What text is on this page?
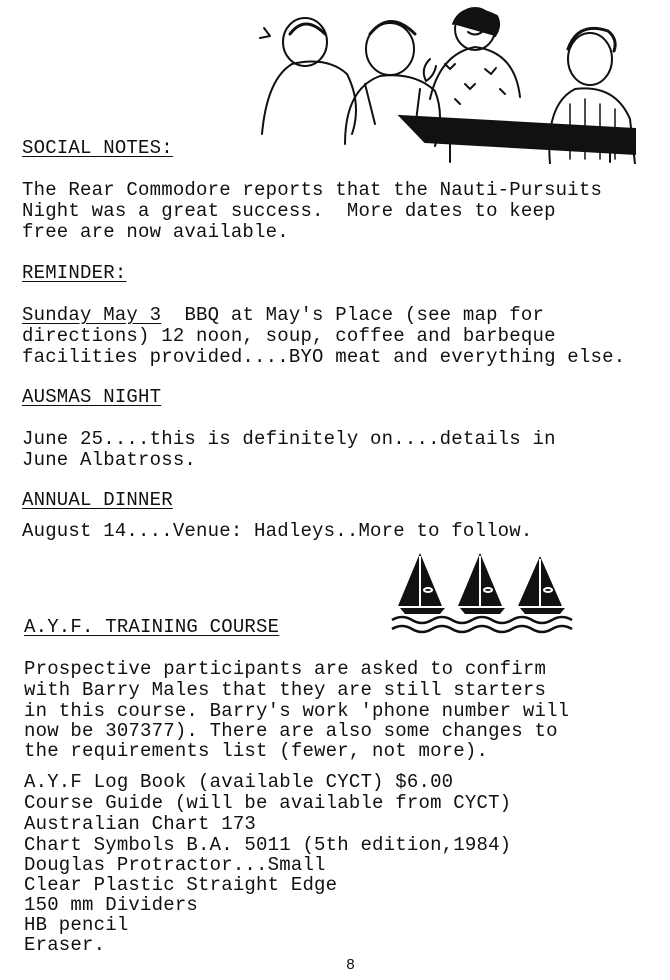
SOCIAL NOTES:
The Rear Commodore reports that the Nauti-Pursuits
Night was a great success.  More dates to keep
free are now available.
REMINDER:
Sunday May 3  BBQ at May's Place (see map for
directions) 12 noon, soup, coffee and barbeque
facilities provided....BYO meat and everything else.
AUSMAS NIGHT
June 25....this is definitely on....details in
June Albatross.
ANNUAL DINNER
August 14....Venue: Hadleys..More to follow.
A.Y.F. TRAINING COURSE
Prospective participants are asked to confirm
with Barry Males that they are still starters
in this course. Barry's work 'phone number will
now be 307377). There are also some changes to
the requirements list (fewer, not more).
A.Y.F Log Book (available CYCT) $6.00
Course Guide (will be available from CYCT)
Australian Chart 173
Chart Symbols B.A. 5011 (5th edition,1984)
Douglas Protractor...Small
Clear Plastic Straight Edge
150 mm Dividers
HB pencil
Eraser.
8
